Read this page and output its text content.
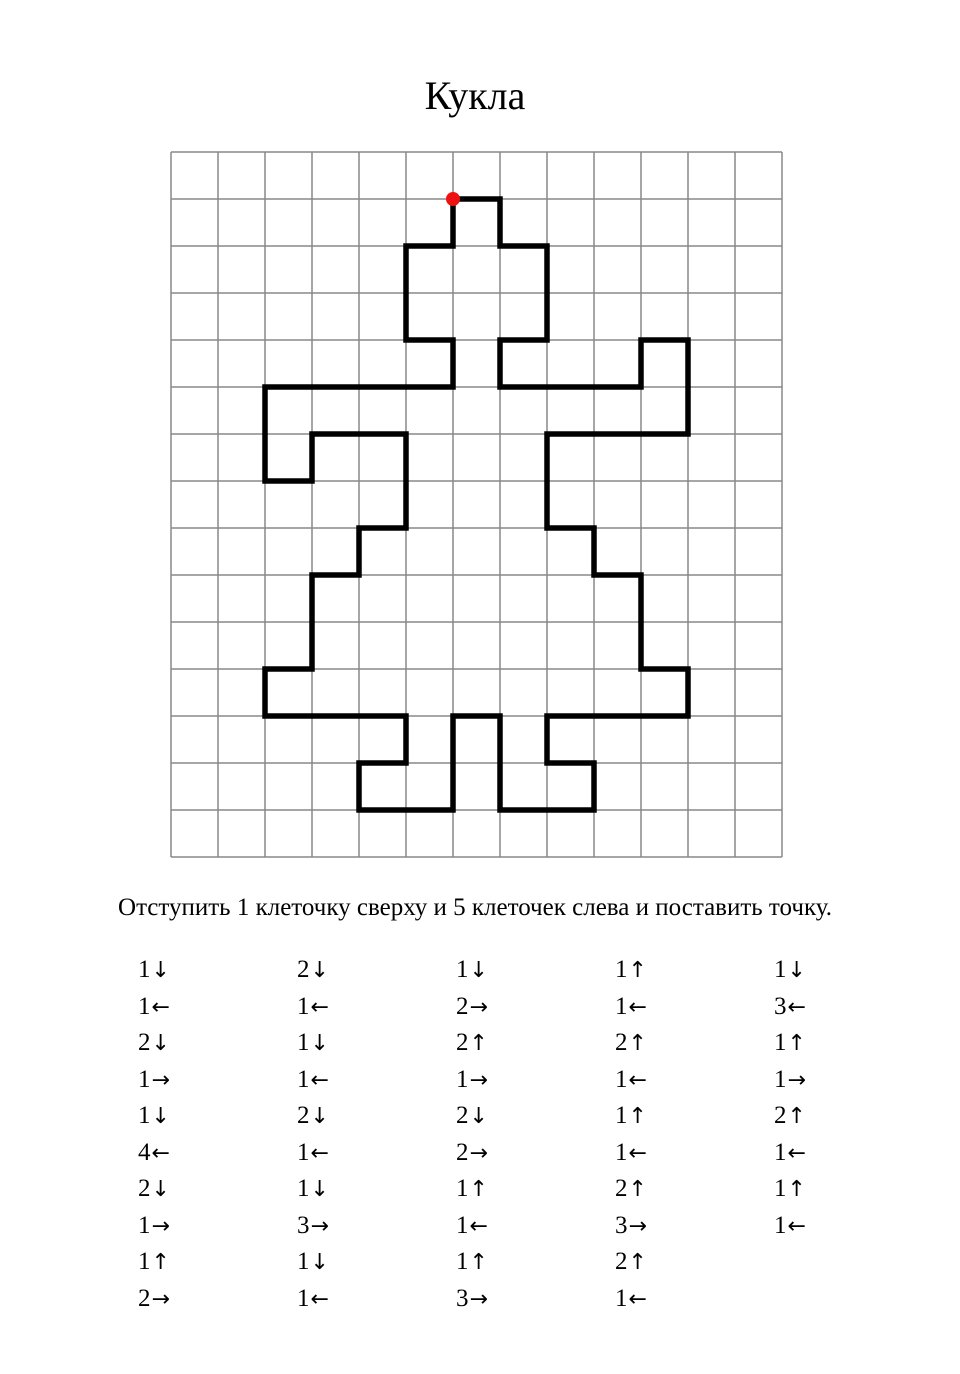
Кукла
Отступить 1 клеточку сверху и 5 клеточек слева и поставить точку.
1↓
1←
2↓
1→
1↓
4←
2↓
1→
1↑
2→
2↓
1←
1↓
1←
2↓
1←
1↓
3→
1↓
1←
1↓
2→
2↑
1→
2↓
2→
1↑
1←
1↑
3→
1↑
1←
2↑
1←
1↑
1←
2↑
3→
2↑
1←
1↓
3←
1↑
1→
2↑
1←
1↑
1←
